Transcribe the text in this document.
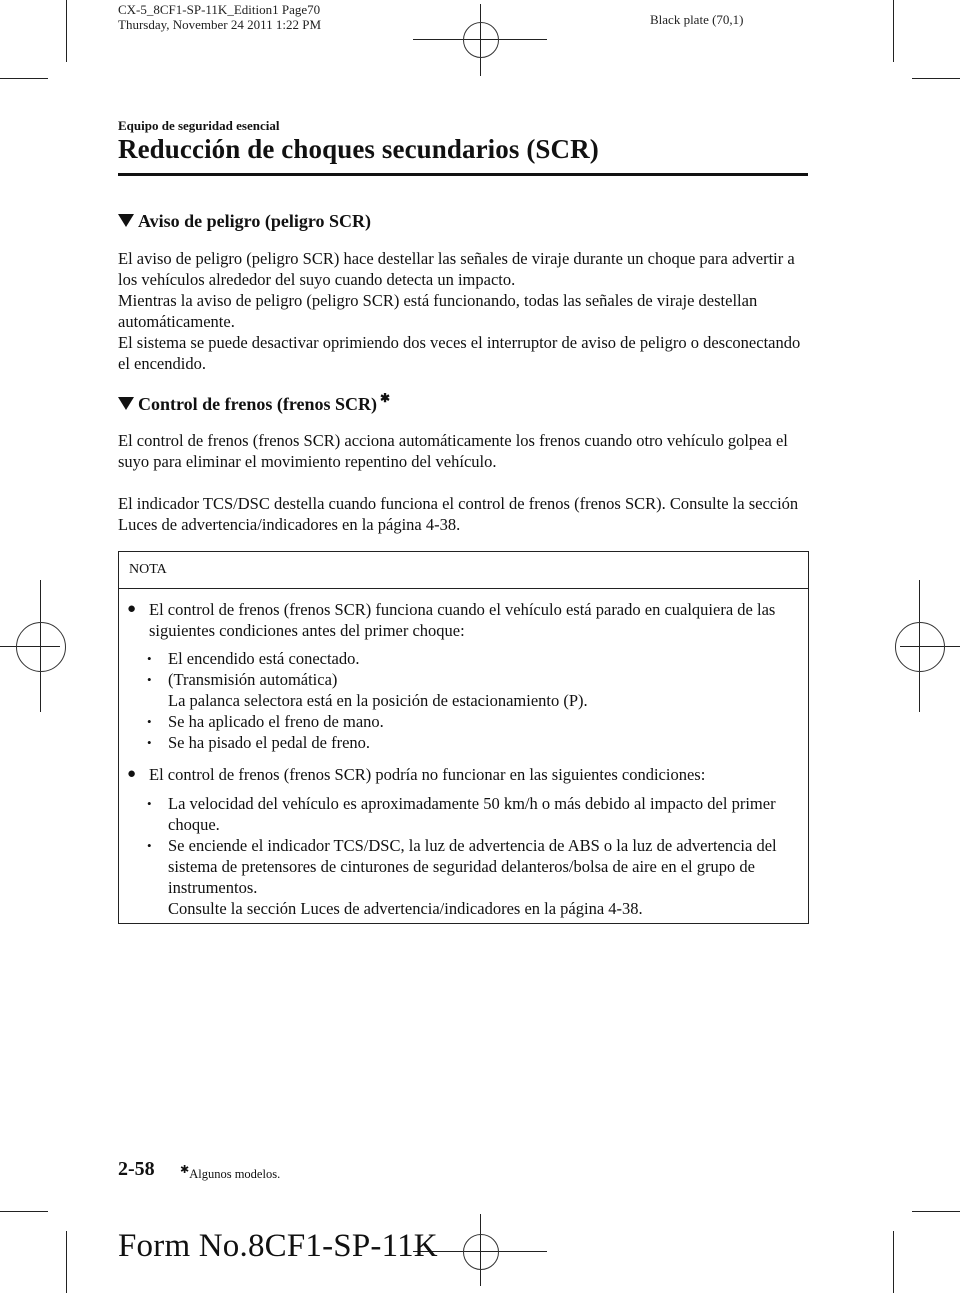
CX-5_8CF1-SP-11K_Edition1 Page70
Thursday, November 24 2011 1:22 PM	Black plate (70,1)
Equipo de seguridad esencial
Reducción de choques secundarios (SCR)
Aviso de peligro (peligro SCR)

El aviso de peligro (peligro SCR) hace destellar las señales de viraje durante un choque para advertir a los vehículos alrededor del suyo cuando detecta un impacto.

Mientras la aviso de peligro (peligro SCR) está funcionando, todas las señales de viraje destellan automáticamente.

El sistema se puede desactivar oprimiendo dos veces el interruptor de aviso de peligro o desconectando el encendido.

Control de frenos (frenos SCR) ✱
El control de frenos (frenos SCR) acciona automáticamente los frenos cuando otro vehículo golpea el suyo para eliminar el movimiento repentino del vehículo.
El indicador TCS/DSC destella cuando funciona el control de frenos (frenos SCR). Consulte la sección Luces de advertencia/indicadores en la página 4-38.
NOTA
● El control de frenos (frenos SCR) funciona cuando el vehículo está parado en cualquiera de las siguientes condiciones antes del primer choque:
• El encendido está conectado.
• (Transmisión automática)
La palanca selectora está en la posición de estacionamiento (P).
• Se ha aplicado el freno de mano.
• Se ha pisado el pedal de freno.
● El control de frenos (frenos SCR) podría no funcionar en las siguientes condiciones:
• La velocidad del vehículo es aproximadamente 50 km/h o más debido al impacto del primer choque.
• Se enciende el indicador TCS/DSC, la luz de advertencia de ABS o la luz de advertencia del sistema de pretensores de cinturones de seguridad delanteros/bolsa de aire en el grupo de instrumentos.
Consulte la sección Luces de advertencia/indicadores en la página 4-38.
2-58 ✱Algunos modelos.
Form No.8CF1-SP-11K
